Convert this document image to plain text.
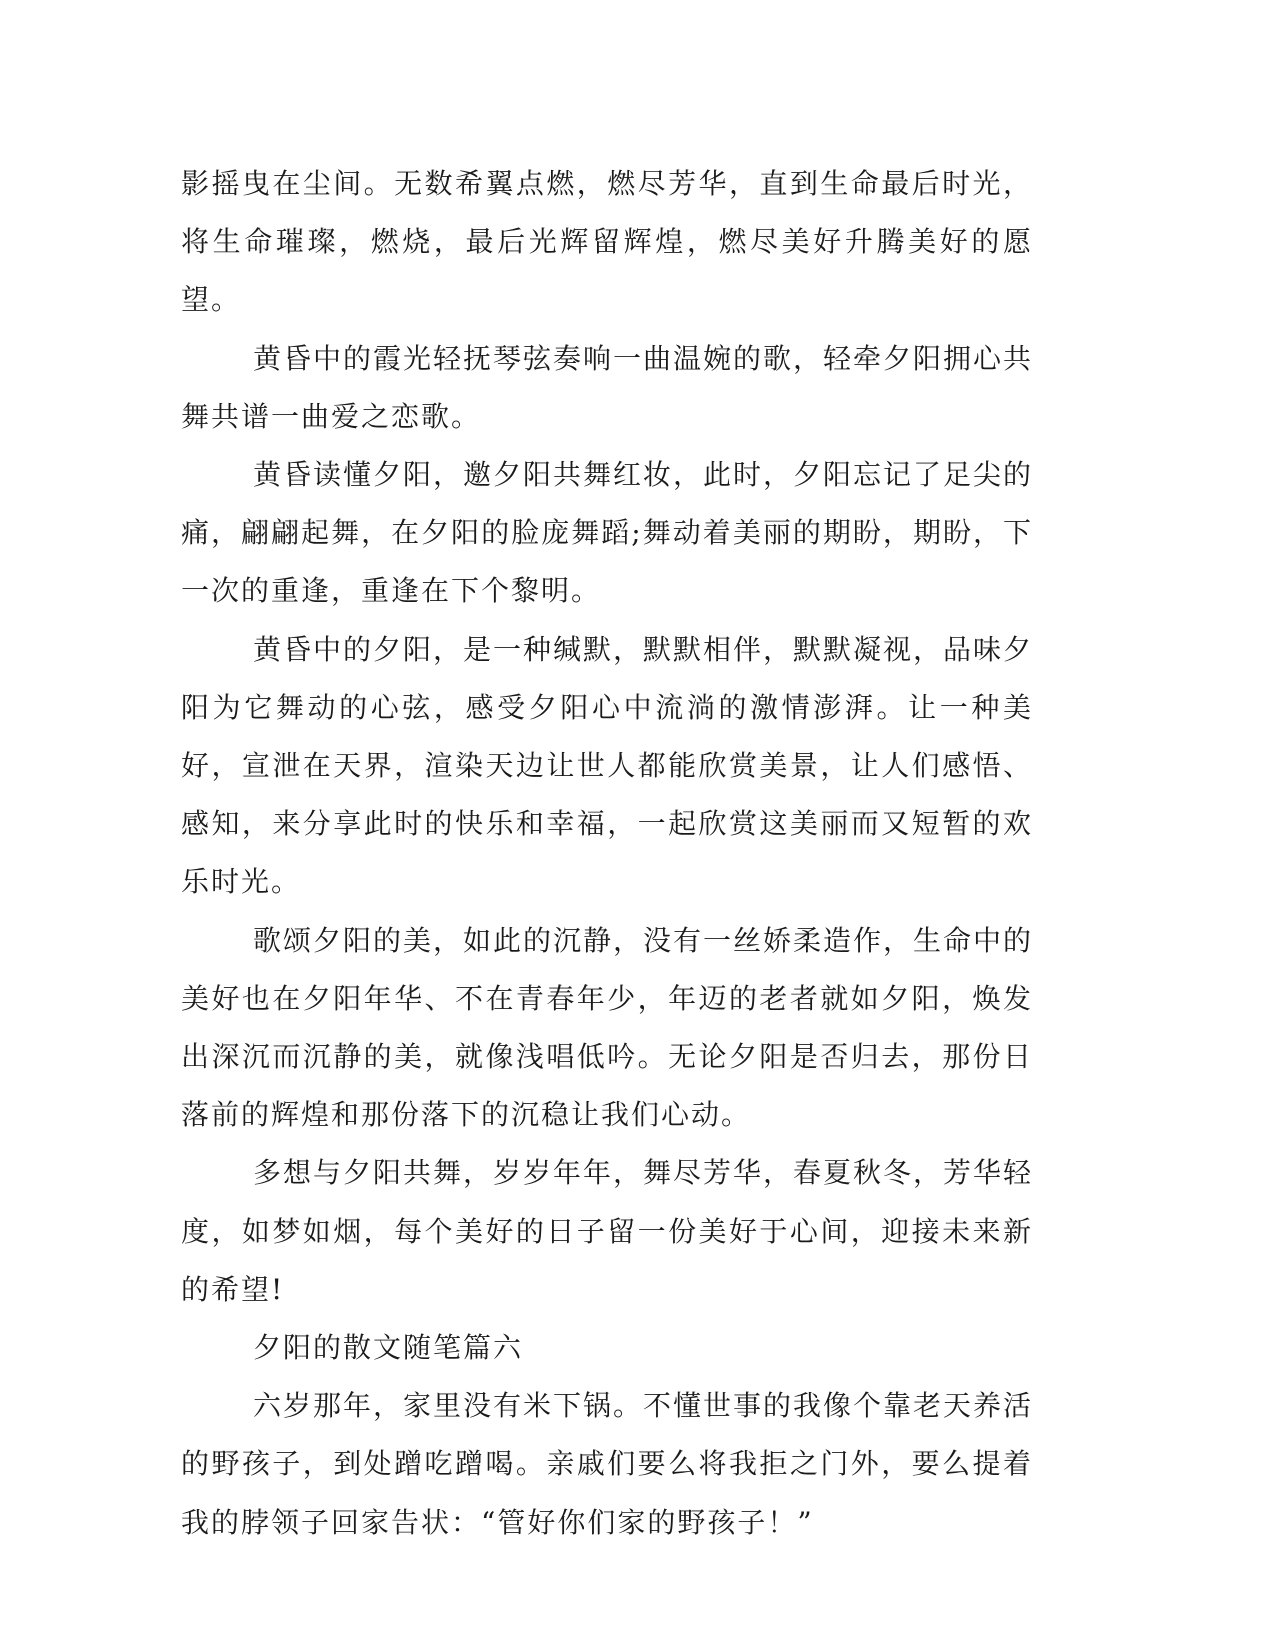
影摇曳在尘间。无数希翼点燃，燃尽芳华，直到生命最后时光，将生命璀璨，燃烧，最后光辉留辉煌，燃尽美好升腾美好的愿望。

黄昏中的霞光轻抚琴弦奏响一曲温婉的歌，轻牵夕阳拥心共舞共谱一曲爱之恋歌。

黄昏读懂夕阳，邀夕阳共舞红妆，此时，夕阳忘记了足尖的痛，翩翩起舞，在夕阳的脸庞舞蹈;舞动着美丽的期盼，期盼，下一次的重逢，重逢在下个黎明。

黄昏中的夕阳，是一种缄默，默默相伴，默默凝视，品味夕阳为它舞动的心弦，感受夕阳心中流淌的激情澎湃。让一种美好，宣泄在天界，渲染天边让世人都能欣赏美景，让人们感悟、感知，来分享此时的快乐和幸福，一起欣赏这美丽而又短暂的欢乐时光。

歌颂夕阳的美，如此的沉静，没有一丝娇柔造作，生命中的美好也在夕阳年华、不在青春年少，年迈的老者就如夕阳，焕发出深沉而沉静的美，就像浅唱低吟。无论夕阳是否归去，那份日落前的辉煌和那份落下的沉稳让我们心动。

多想与夕阳共舞，岁岁年年，舞尽芳华，春夏秋冬，芳华轻度，如梦如烟，每个美好的日子留一份美好于心间，迎接未来新的希望!

夕阳的散文随笔篇六

六岁那年，家里没有米下锅。不懂世事的我像个靠老天养活的野孩子，到处蹭吃蹭喝。亲戚们要么将我拒之门外，要么提着我的脖领子回家告状：“管好你们家的野孩子！”
